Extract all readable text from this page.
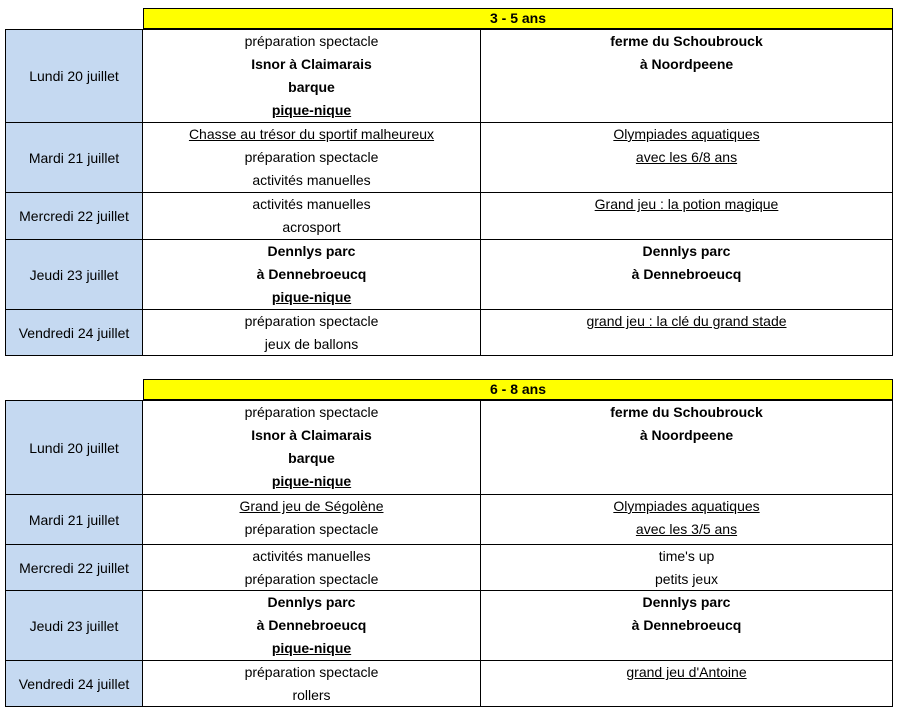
3 - 5 ans
Lundi 20 juillet
préparation spectacle
Isnor à Claimarais
barque
pique-nique
ferme du Schoubrouck
à Noordpeene
Mardi 21 juillet
Chasse au trésor du sportif malheureux
préparation spectacle
activités manuelles
Olympiades aquatiques
avec les 6/8 ans
Mercredi 22 juillet
activités manuelles
acrosport
Grand jeu : la potion magique
Jeudi 23 juillet
Dennlys parc
à Dennebroeucq
pique-nique
Dennlys parc
à Dennebroeucq
Vendredi 24 juillet
préparation spectacle
jeux de ballons
grand jeu : la clé du grand stade
6 - 8 ans
Lundi 20 juillet
préparation spectacle
Isnor à Claimarais
barque
pique-nique
ferme du Schoubrouck
à Noordpeene
Mardi 21 juillet
Grand jeu de Ségolène
préparation spectacle
Olympiades aquatiques
avec les 3/5 ans
Mercredi 22 juillet
activités manuelles
préparation spectacle
time's up
petits jeux
Jeudi 23 juillet
Dennlys parc
à Dennebroeucq
pique-nique
Dennlys parc
à Dennebroeucq
Vendredi 24 juillet
préparation spectacle
rollers
grand jeu d'Antoine
